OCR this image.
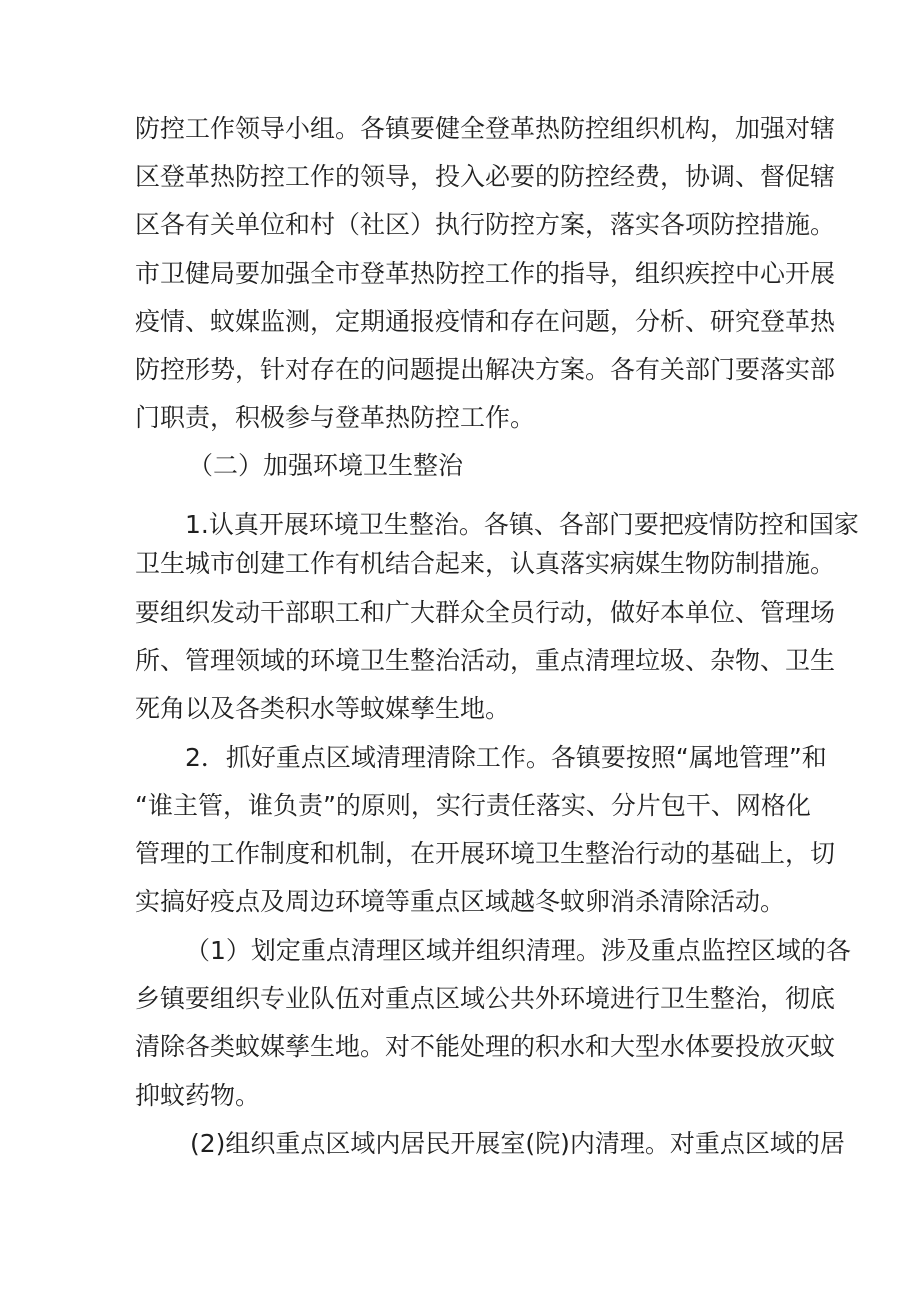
防控工作领导小组。各镇要健全登革热防控组织机构，加强对辖

区登革热防控工作的领导，投入必要的防控经费，协调、督促辖

区各有关单位和村（社区）执行防控方案，落实各项防控措施。

市卫健局要加强全市登革热防控工作的指导，组织疾控中心开展

疫情、蚊媒监测，定期通报疫情和存在问题，分析、研究登革热

防控形势，针对存在的问题提出解决方案。各有关部门要落实部

门职责，积极参与登革热防控工作。

（二）加强环境卫生整治

1.认真开展环境卫生整治。各镇、各部门要把疫情防控和国家

卫生城市创建工作有机结合起来，认真落实病媒生物防制措施。

要组织发动干部职工和广大群众全员行动，做好本单位、管理场

所、管理领域的环境卫生整治活动，重点清理垃圾、杂物、卫生

死角以及各类积水等蚊媒孳生地。

2．抓好重点区域清理清除工作。各镇要按照“属地管理”和

“谁主管，谁负责”的原则，实行责任落实、分片包干、网格化

管理的工作制度和机制，在开展环境卫生整治行动的基础上，切

实搞好疫点及周边环境等重点区域越冬蚊卵消杀清除活动。

（1）划定重点清理区域并组织清理。涉及重点监控区域的各

乡镇要组织专业队伍对重点区域公共外环境进行卫生整治，彻底

清除各类蚊媒孳生地。对不能处理的积水和大型水体要投放灭蚊

抑蚊药物。

(2)组织重点区域内居民开展室(院)内清理。对重点区域的居
